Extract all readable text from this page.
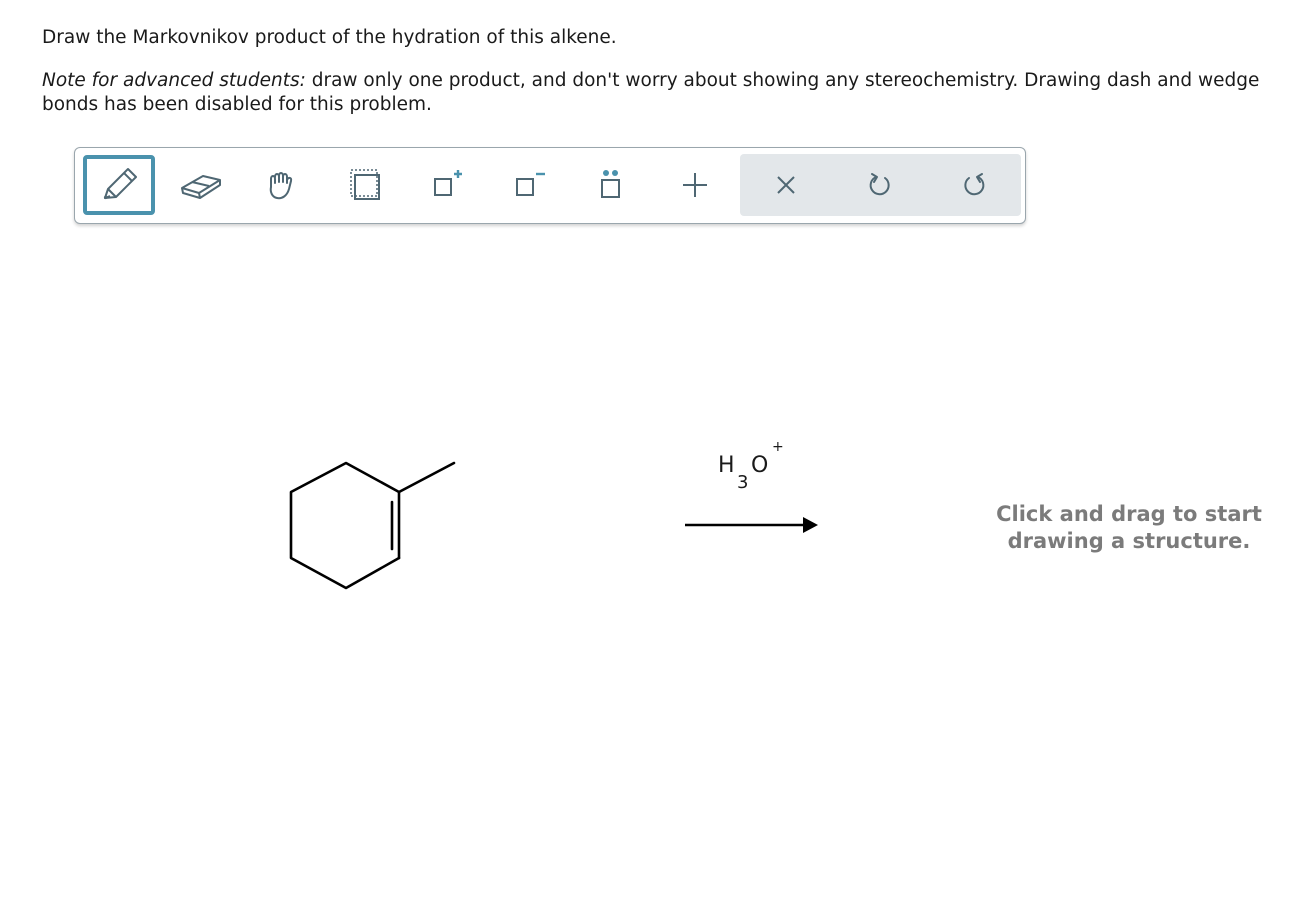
Draw the Markovnikov product of the hydration of this alkene.

Note for advanced students: draw only one product, and don't worry about showing any stereochemistry. Drawing dash and wedge bonds has been disabled for this problem.

H
3
O
+
Click and drag to start
drawing a structure.
